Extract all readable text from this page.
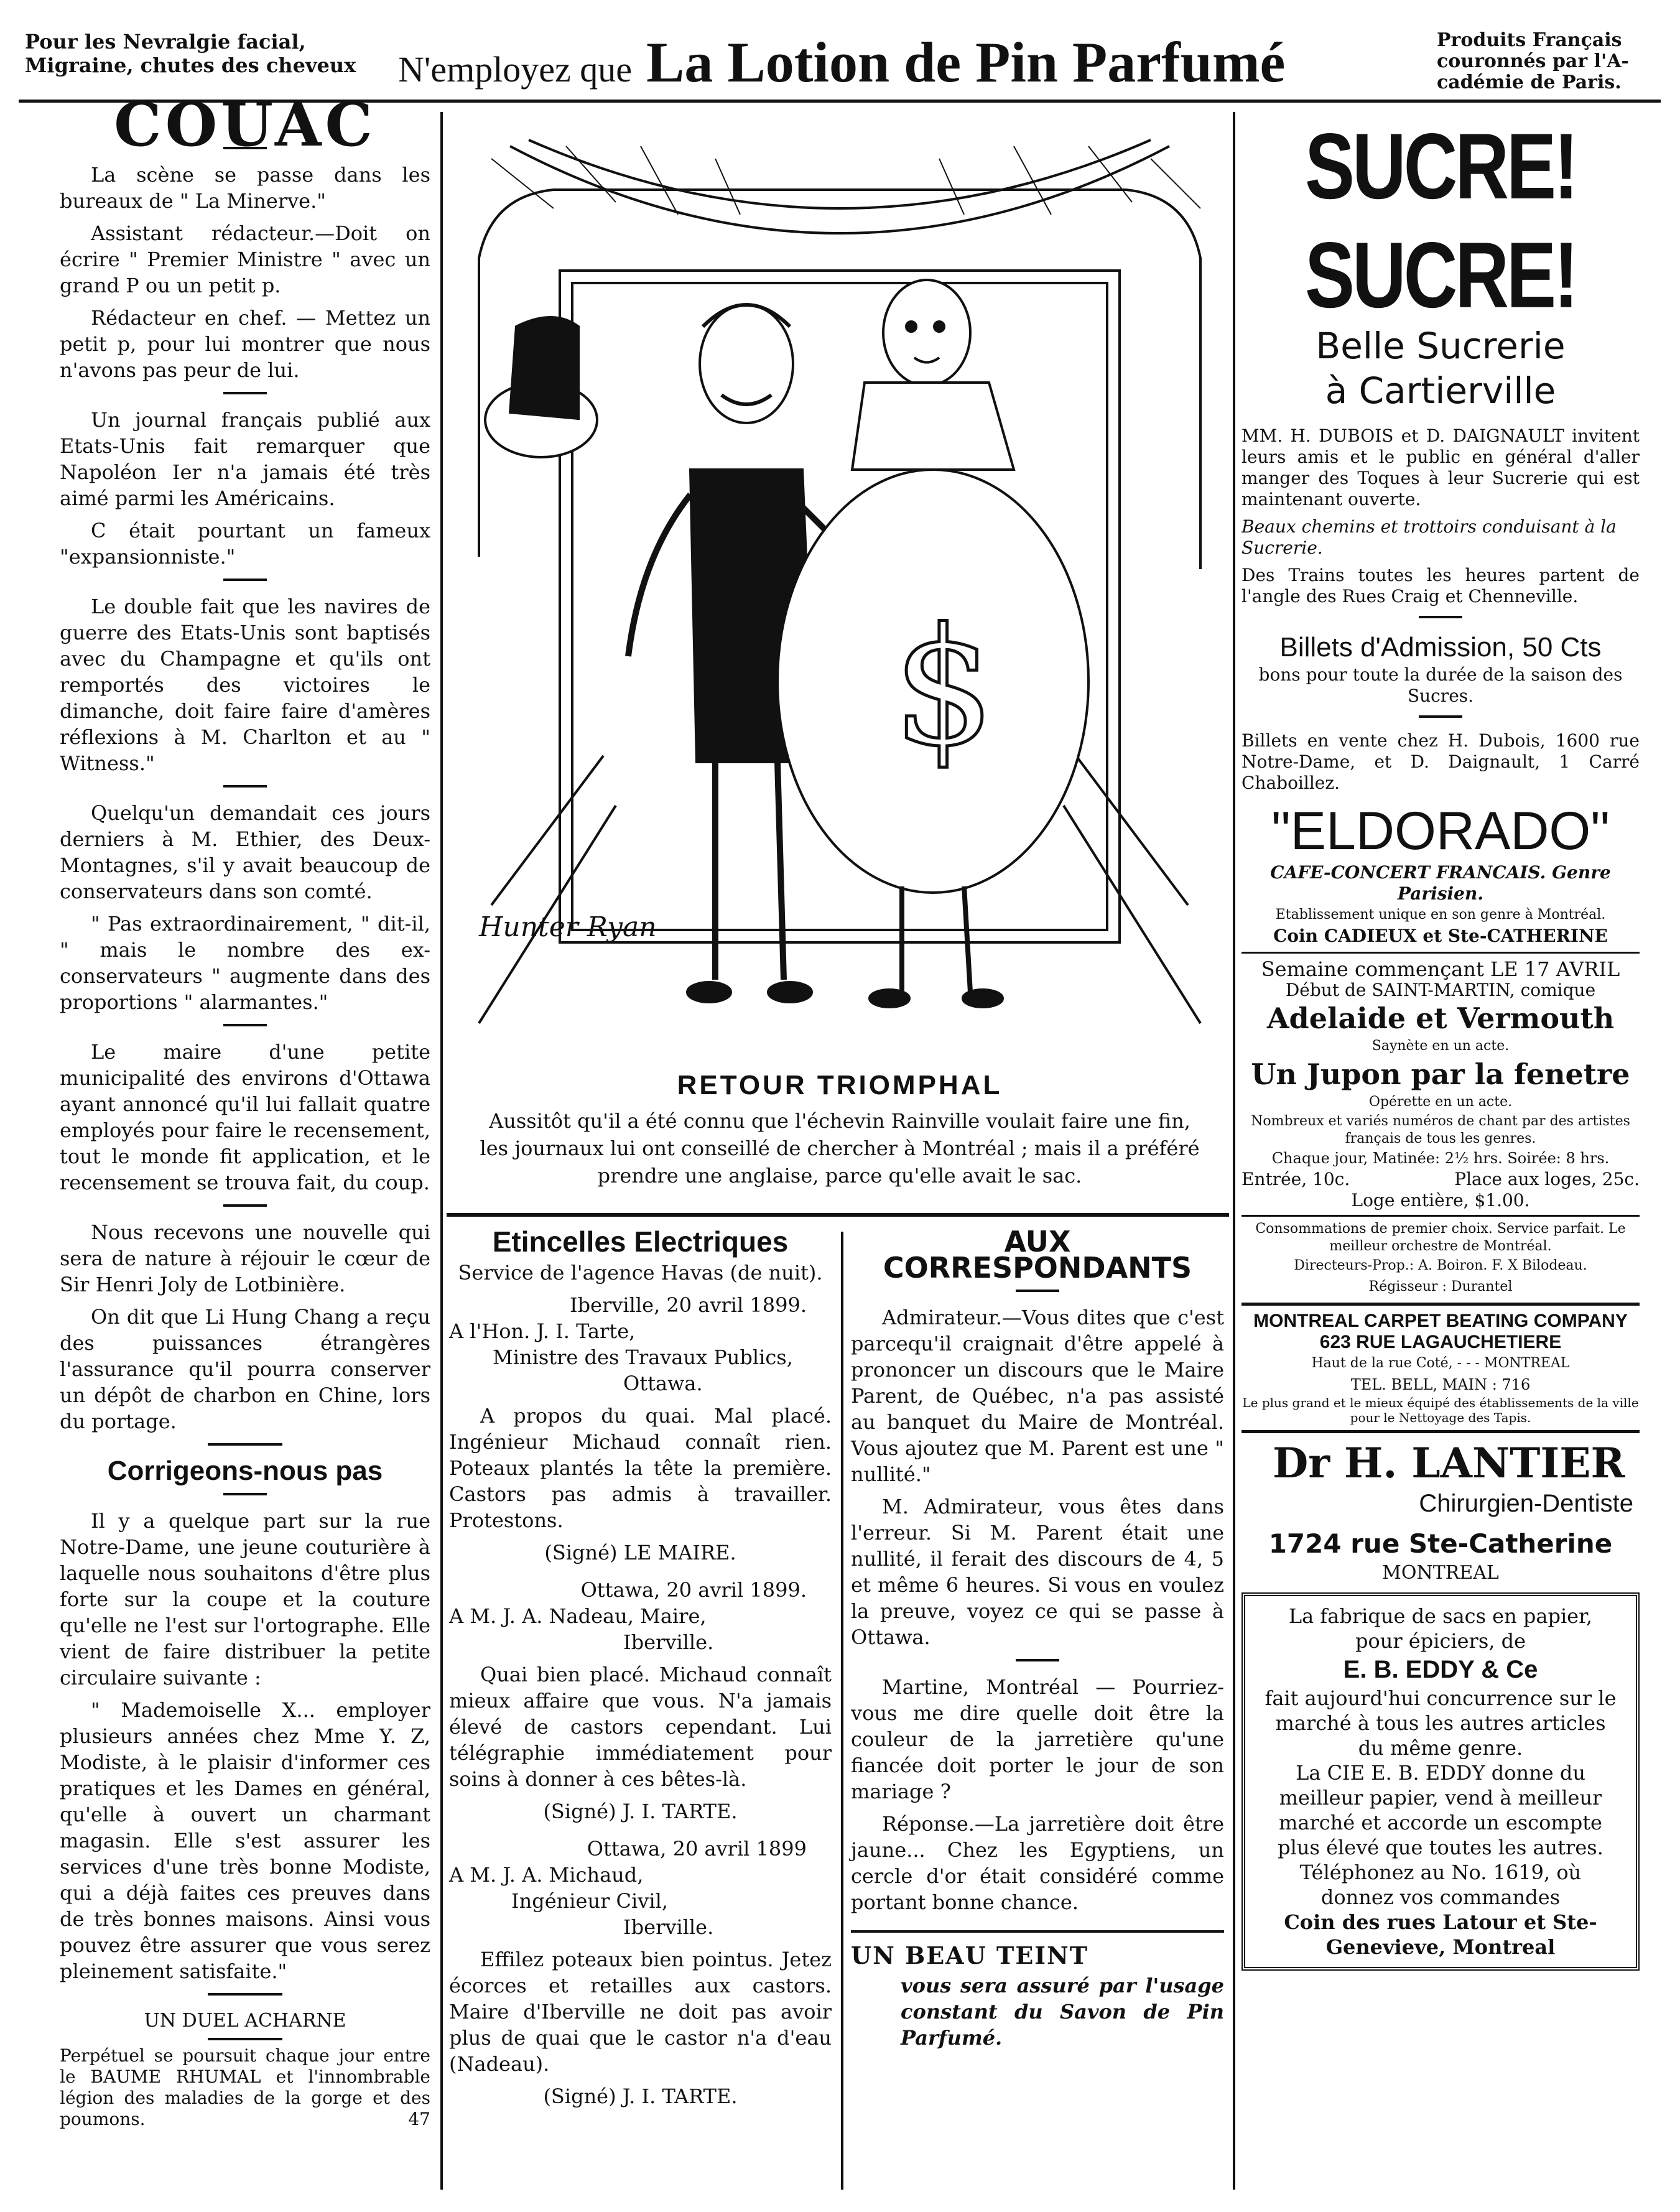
Pour les Nevralgie facial,
Migraine, chutes des cheveux	N'employez que La Lotion de Pin Parfumé	Produits Français
couronnés par l'A-
cadémie de Paris.
COUAC

La scène se passe dans les bureaux de " La Minerve."

Assistant rédacteur.—Doit on écrire " Premier Ministre " avec un grand P ou un petit p.

Rédacteur en chef. — Mettez un petit p, pour lui montrer que nous n'avons pas peur de lui.

Un journal français publié aux Etats-Unis fait remarquer que Napoléon Ier n'a jamais été très aimé parmi les Américains.

C était pourtant un fameux "expansionniste."

Le double fait que les navires de guerre des Etats-Unis sont baptisés avec du Champagne et qu'ils ont remportés des victoires le dimanche, doit faire faire d'amères réflexions à M. Charlton et au " Witness."

Quelqu'un demandait ces jours derniers à M. Ethier, des Deux-Montagnes, s'il y avait beaucoup de conservateurs dans son comté.

" Pas extraordinairement, " dit-il, " mais le nombre des ex-conservateurs " augmente dans des proportions " alarmantes."

Le maire d'une petite municipalité des environs d'Ottawa ayant annoncé qu'il lui fallait quatre employés pour faire le recensement, tout le monde fit application, et le recensement se trouva fait, du coup.

Nous recevons une nouvelle qui sera de nature à réjouir le cœur de Sir Henri Joly de Lotbinière.

On dit que Li Hung Chang a reçu des puissances étrangères l'assurance qu'il pourra conserver un dépôt de charbon en Chine, lors du portage.

Corrigeons-nous pas

Il y a quelque part sur la rue Notre-Dame, une jeune couturière à laquelle nous souhaitons d'être plus forte sur la coupe et la couture qu'elle ne l'est sur l'ortographe. Elle vient de faire distribuer la petite circulaire suivante :

" Mademoiselle X... employer plusieurs années chez Mme Y. Z, Modiste, à le plaisir d'informer ces pratiques et les Dames en général, qu'elle à ouvert un charmant magasin. Elle s'est assurer les services d'une très bonne Modiste, qui a déjà faites ces preuves dans de très bonnes maisons. Ainsi vous pouvez être assurer que vous serez pleinement satisfaite."

UN DUEL ACHARNE
Perpétuel se poursuit chaque jour entre le BAUME RHUMAL et l'innombrable légion des maladies de la gorge et des poumons.	47
$
Hunter Ryan
RETOUR TRIOMPHAL
Aussitôt qu'il a été connu que l'échevin Rainville voulait faire une fin, les journaux lui ont conseillé de chercher à Montréal ; mais il a préféré prendre une anglaise, parce qu'elle avait le sac.
Etincelles Electriques
Service de l'agence Havas (de nuit).
Iberville, 20 avril 1899.
A l'Hon. J. I. Tarte,
Ministre des Travaux Publics,
Ottawa.

A propos du quai. Mal placé. Ingénieur Michaud connaît rien. Poteaux plantés la tête la première. Castors pas admis à travailler. Protestons.

(Signé) LE MAIRE.
Ottawa, 20 avril 1899.
A M. J. A. Nadeau, Maire,
Iberville.

Quai bien placé. Michaud connaît mieux affaire que vous. N'a jamais élevé de castors cependant. Lui télégraphie immédiatement pour soins à donner à ces bêtes-là.

(Signé) J. I. TARTE.
Ottawa, 20 avril 1899
A M. J. A. Michaud,
Ingénieur Civil,
Iberville.

Effilez poteaux bien pointus. Jetez écorces et retailles aux castors. Maire d'Iberville ne doit pas avoir plus de quai que le castor n'a d'eau (Nadeau).

(Signé) J. I. TARTE.
AUX CORRESPONDANTS

Admirateur.—Vous dites que c'est parcequ'il craignait d'être appelé à prononcer un discours que le Maire Parent, de Québec, n'a pas assisté au banquet du Maire de Montréal. Vous ajoutez que M. Parent est une " nullité."

M. Admirateur, vous êtes dans l'erreur. Si M. Parent était une nullité, il ferait des discours de 4, 5 et même 6 heures. Si vous en voulez la preuve, voyez ce qui se passe à Ottawa.

Martine, Montréal — Pourriez-vous me dire quelle doit être la couleur de la jarretière qu'une fiancée doit porter le jour de son mariage ?

Réponse.—La jarretière doit être jaune... Chez les Egyptiens, un cercle d'or était considéré comme portant bonne chance.

UN BEAU TEINT
vous sera assuré par l'usage constant du Savon de Pin Parfumé.
SUCRE! SUCRE!
Belle Sucrerie
à Cartierville
MM. H. DUBOIS et D. DAIGNAULT invitent leurs amis et le public en général d'aller manger des Toques à leur Sucrerie qui est maintenant ouverte.
Beaux chemins et trottoirs conduisant à la Sucrerie.
Des Trains toutes les heures partent de l'angle des Rues Craig et Chenneville.
Billets d'Admission, 50 Cts
bons pour toute la durée de la saison des Sucres.
Billets en vente chez H. Dubois, 1600 rue Notre-Dame, et D. Daignault, 1 Carré Chaboillez.
"ELDORADO"
CAFE-CONCERT FRANCAIS. Genre Parisien.
Etablissement unique en son genre à Montréal.
Coin CADIEUX et Ste-CATHERINE
Semaine commençant LE 17 AVRIL
Début de SAINT-MARTIN, comique
Adelaide et Vermouth
Saynète en un acte.
Un Jupon par la fenetre
Opérette en un acte.
Nombreux et variés numéros de chant par des artistes français de tous les genres.
Chaque jour, Matinée: 2½ hrs. Soirée: 8 hrs.
Entrée, 10c.	Place aux loges, 25c.
Loge entière, $1.00.
Consommations de premier choix. Service parfait. Le meilleur orchestre de Montréal.
Directeurs-Prop.: A. Boiron. F. X Bilodeau.
Régisseur : Durantel
MONTREAL CARPET BEATING COMPANY
623 RUE LAGAUCHETIERE
Haut de la rue Coté, - - - MONTREAL
TEL. BELL, MAIN : 716
Le plus grand et le mieux équipé des établissements de la ville pour le Nettoyage des Tapis.
Dr H. LANTIER
Chirurgien-Dentiste
1724 rue Ste-Catherine
MONTREAL
La fabrique de sacs en papier, pour épiciers, de
E. B. EDDY & Ce
fait aujourd'hui concurrence sur le marché à tous les autres articles du même genre.
La CIE E. B. EDDY donne du meilleur papier, vend à meilleur marché et accorde un escompte plus élevé que toutes les autres.
Téléphonez au No. 1619, où donnez vos commandes
Coin des rues Latour et Ste-Genevieve, Montreal
